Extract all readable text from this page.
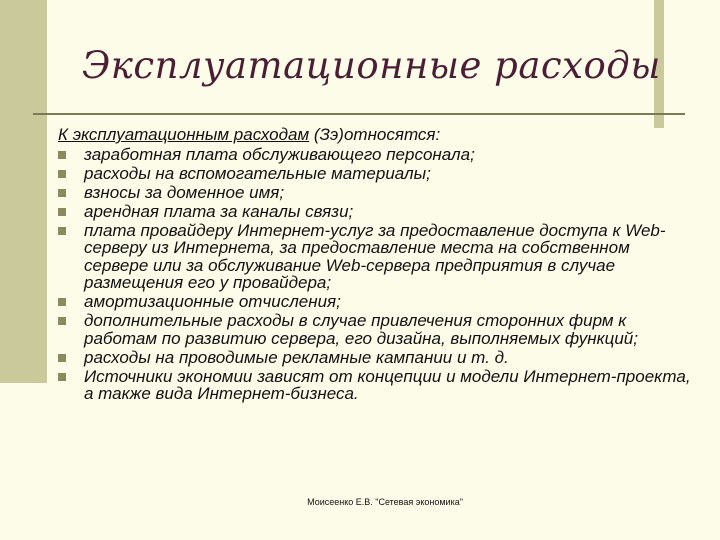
Эксплуатационные расходы

К эксплуатационным расходам (Зэ)относятся:

заработная плата обслуживающего персонала;
расходы на вспомогательные материалы;
взносы за доменное имя;
арендная плата за каналы связи;
плата провайдеру Интернет-услуг за предоставление доступа к Web-серверу из Интернета, за предоставление места на собственном сервере или за обслуживание Web-сервера предприятия в случае размещения его у провайдера;
амортизационные отчисления;
дополнительные расходы в случае привлечения сторонних фирм к работам по развитию сервера, его дизайна, выполняемых функций;
расходы на проводимые рекламные кампании и т. д.
Источники экономии зависят от концепции и модели Интернет-проекта, а также вида Интернет-бизнеса.
Моисеенко Е.В. "Сетевая экономика"
